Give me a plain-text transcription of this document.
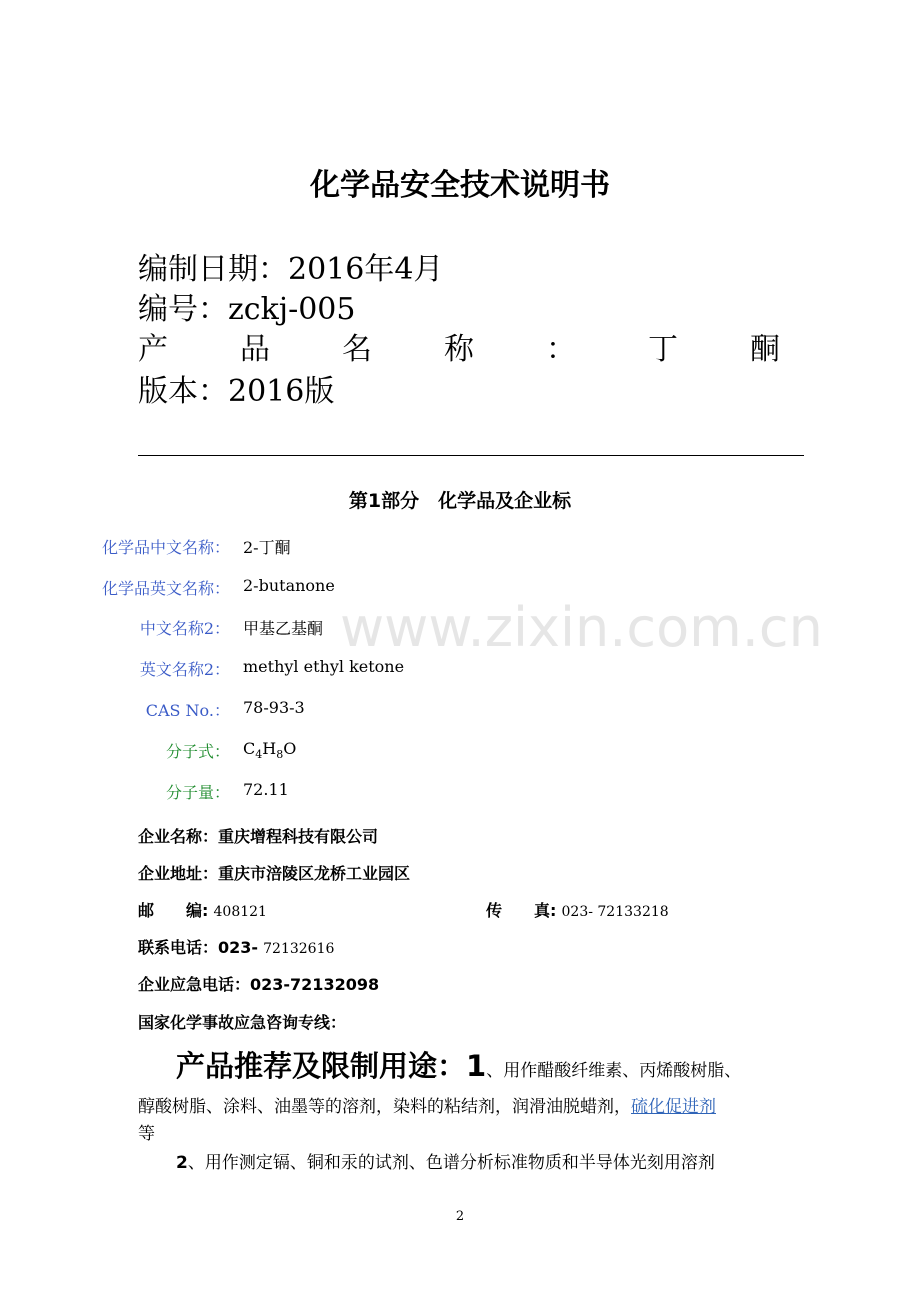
www.zixin.com.cn
化学品安全技术说明书
编制日期：2016年4月
编号：zckj-005
产 品 名 称 ： 丁 酮
版本：2016版
第1部分　化学品及企业标
化学品中文名称： 2-丁酮
化学品英文名称： 2-butanone
中文名称2： 甲基乙基酮
英文名称2： methyl ethyl ketone
CAS No.： 78-93-3
分子式： $C_4H_8O$
分子量： 72.11
企业名称：重庆增程科技有限公司
企业地址：重庆市涪陵区龙桥工业园区
邮　　编: 408121	传　　真: 023- 72133218
联系电话：023- 72132616
企业应急电话：023-72132098
国家化学事故应急咨询专线：
产品推荐及限制用途：1、用作醋酸纤维素、丙烯酸树脂、
醇酸树脂、涂料、油墨等的溶剂，染料的粘结剂，润滑油脱蜡剂，硫化促进剂
等
2、用作测定镉、铜和汞的试剂、色谱分析标准物质和半导体光刻用溶剂
2
